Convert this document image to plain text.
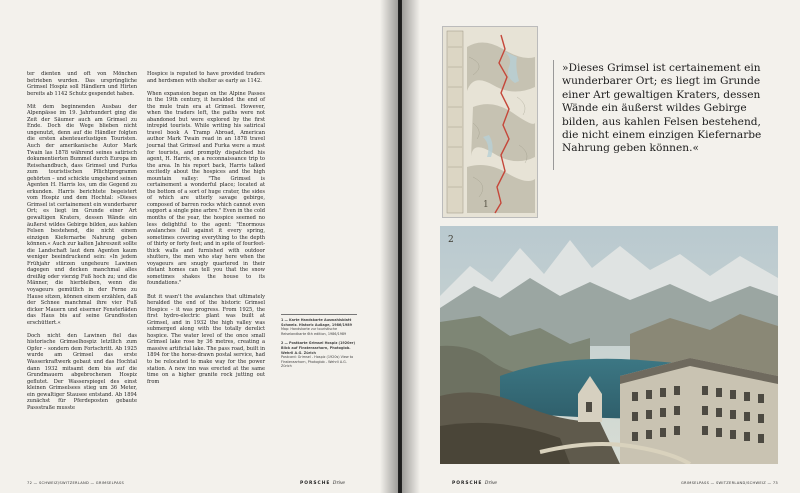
ter dienten und oft von Mönchen betrieben wurden. Das ursprüngliche Grimsel Hospiz soll Händlern und Hirten bereits ab 1142 Schutz gespendet haben.

Mit dem beginnenden Ausbau der Alpenpässe im 19. Jahrhundert ging die Zeit der Säumer auch am Grimsel zu Ende. Doch die Wege blieben nicht ungenutzt, denn auf die Händler folgten die ersten abenteuerlustigen Touristen. Auch der amerikanische Autor Mark Twain las 1878 während seines satirisch dokumentierten Bummel durch Europa im Reisehandbuch, dass Grimsel und Furka zum touristischen Pflichtprogramm gehörten – und schickte umgehend seinen Agenten H. Harris los, um die Gegend zu erkunden. Harris berichtete begeistert vom Hospiz und dem Hochtal: »Dieses Grimsel ist certainement ein wunderbarer Ort; es liegt im Grunde einer Art gewaltigen Kraters, dessen Wände ein äußerst wildes Gebirge bilden, aus kahlen Felsen bestehend, die nicht einem einzigen Kiefernarbe Nahrung geben können.« Auch zur kalten Jahreszeit sollte die Landschaft laut dem Agenten kaum weniger beeindruckend sein: »In jedem Frühjahr stürzen ungeheure Lawinen dagegen und decken manchmal alles dreißig oder vierzig Fuß hoch zu; und die Männer, die hierbleiben, wenn die voyageurs gemütlich in der Ferne zu Hause sitzen, können einem erzählen, daß der Schnee manchmal ihre vier Fuß dicker Mauern und eiserner Fensterläden das Haus bis auf seine Grundfesten erschüttert.«

Doch nicht den Lawinen fiel das historische Grimselhospiz letztlich zum Opfer – sondern dem Fortschritt. Ab 1925 wurde am Grimsel das erste Wasserkraftwerk gebaut und das Hochtal dann 1932 mitsamt dem bis auf die Grundmauern abgebrochenen Hospiz geflutet. Der Wasserspiegel des einst kleinen Grimselsees stieg um 36 Meter, ein gewaltiger Stausee entstand. Ab 1894 zunächst für Pferdeposten gebaute Passstraße musste

Hospice is reputed to have provided traders and herdsmen with shelter as early as 1142.

When expansion began on the Alpine Passes in the 19th century, it heralded the end of the mule train era at Grimsel. However, when the traders left, the paths were not abandoned but were explored by the first intrepid tourists. While writing his satirical travel book A Tramp Abroad, American author Mark Twain read in an 1878 travel journal that Grimsel and Furka were a must for tourists, and promptly dispatched his agent, H. Harris, on a reconnaissance trip to the area. In his report back, Harris talked excitedly about the hospices and the high mountain valley: "The Grimsel is certainement a wonderful place; located at the bottom of a sort of huge crater, the sides of which are utterly savage gebirge, composed of barren rocks which cannot even support a single pine arbre." Even in the cold months of the year, the hospice seemed no less delightful to the agent: "Enormous avalanches fall against it every spring, sometimes covering everything to the depth of thirty or forty feet; and in spite of fourfeet-thick walls and furnished with outdoor shutters, the men who stay here when the voyageurs are snugly quartered in their distant homes can tell you that the snow sometimes shakes the house to its foundations."

But it wasn't the avalanches that ultimately heralded the end of the historic Grimsel Hospice – it was progress. From 1925, the first hydro-electric plant was built at Grimsel, and in 1932 the high valley was submerged along with the totally derelict hospice. The water level of the once small Grimsel lake rose by 36 metres, creating a massive artificial lake. The pass road, built in 1894 for the horse-drawn postal service, had to be relocated to make way for the power station. A new inn was erected at the same time on a higher granite rock jutting out from

1 — Karte Handskarte Auswahlsblatt Schweiz. Historic Außage, 1986/1989
Map: Handskarte zur touristische Reiselandkarte 6th edition, 1986/1989

2 — Postkarte Grimsel Hospiz (1920er) Blick auf Finsteraarhorn, Photoglob. Wehrli A.G. Zürich
Postcard: Grimsel - Hospiz (1920s) View to Finsteraarhorn, Photoglob - Wehrli A.G. Zürich

72 — SCHWEIZ/SWITZERLAND — GRIMSELPASS	PORSCHE Drive
1
»Dieses Grimsel ist certainement ein wunderbarer Ort; es liegt im Grunde einer Art gewaltigen Kraters, dessen Wände ein äußerst wildes Gebirge bilden, aus kahlen Felsen bestehend, die nicht einem einzigen Kiefernarbe Nahrung geben können.«
2
PORSCHE Drive	GRIMSELPASS — SWITZERLAND/SCHWEIZ — 73
